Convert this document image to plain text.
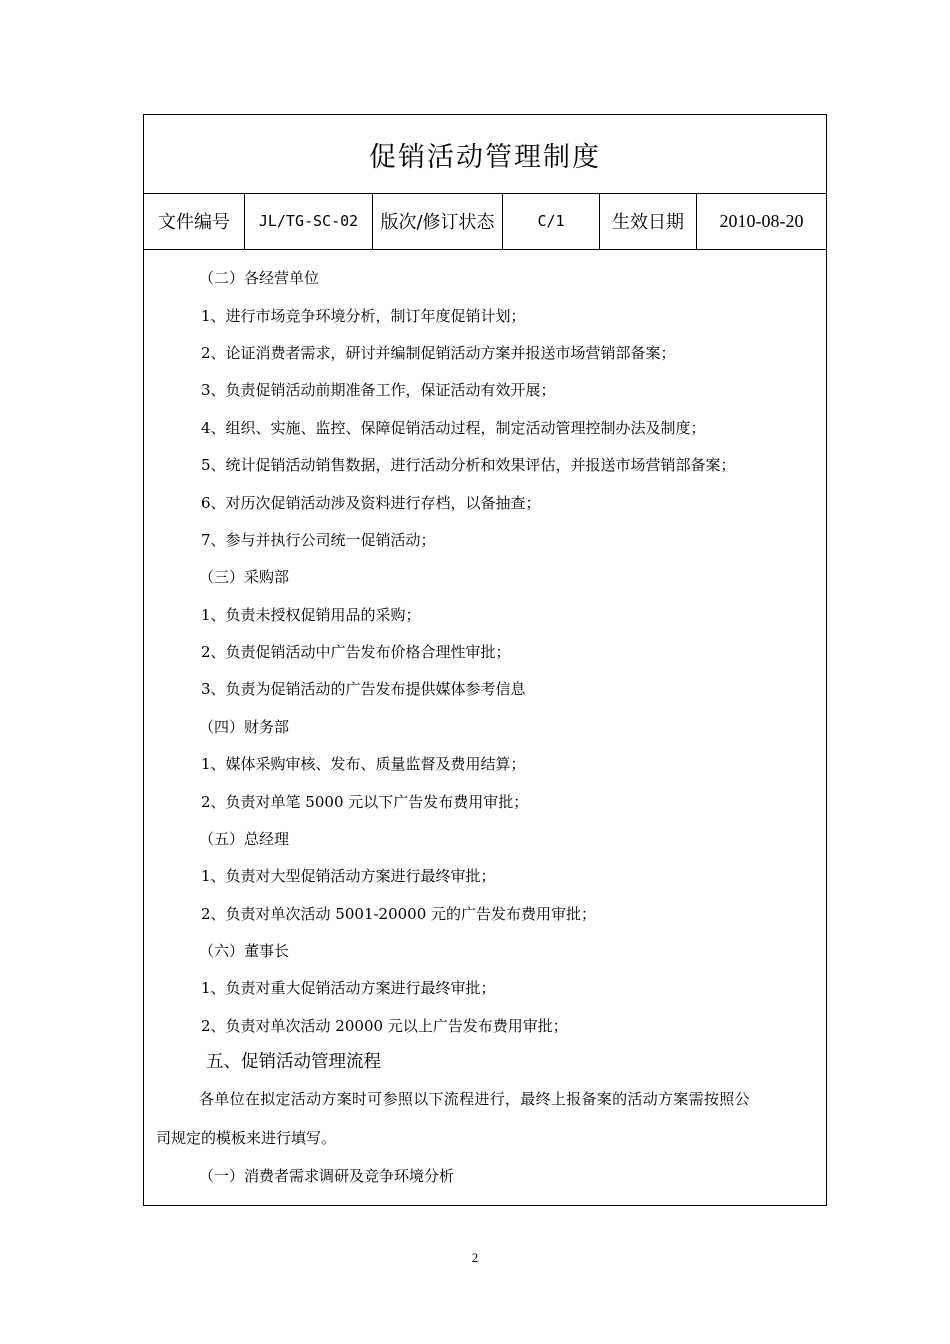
促销活动管理制度
文件编号	JL/TG-SC-02	版次/修订状态	C/1	生效日期	2010-08-20
（二）各经营单位
1、进行市场竞争环境分析，制订年度促销计划；
2、论证消费者需求，研讨并编制促销活动方案并报送市场营销部备案；
3、负责促销活动前期准备工作，保证活动有效开展；
4、组织、实施、监控、保障促销活动过程，制定活动管理控制办法及制度；
5、统计促销活动销售数据，进行活动分析和效果评估，并报送市场营销部备案；
6、对历次促销活动涉及资料进行存档，以备抽查；
7、参与并执行公司统一促销活动；
（三）采购部
1、负责未授权促销用品的采购；
2、负责促销活动中广告发布价格合理性审批；
3、负责为促销活动的广告发布提供媒体参考信息
（四）财务部
1、媒体采购审核、发布、质量监督及费用结算；
2、负责对单笔 5000 元以下广告发布费用审批；
（五）总经理
1、负责对大型促销活动方案进行最终审批；
2、负责对单次活动 5001-20000 元的广告发布费用审批；
（六）董事长
1、负责对重大促销活动方案进行最终审批；
2、负责对单次活动 20000 元以上广告发布费用审批；
五、促销活动管理流程
各单位在拟定活动方案时可参照以下流程进行，最终上报备案的活动方案需按照公
司规定的模板来进行填写。
（一）消费者需求调研及竞争环境分析
2
